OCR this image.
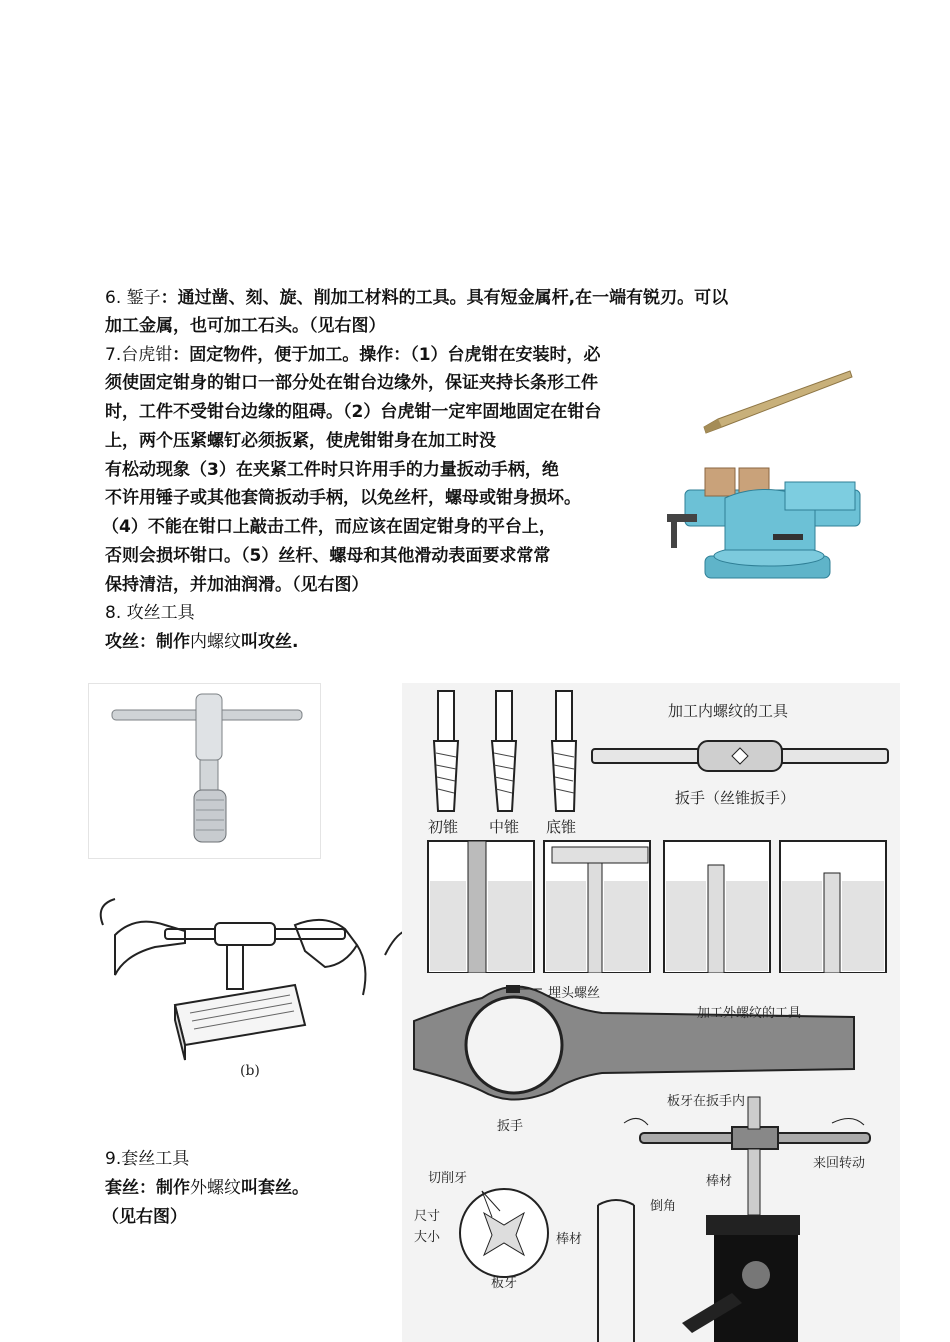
6. 錾子：通过凿、刻、旋、削加工材料的工具。具有短金属杆,在一端有锐刃。可以
加工金属，也可加工石头。（见右图）
7.台虎钳：固定物件，便于加工。操作：（1）台虎钳在安装时，必
须使固定钳身的钳口一部分处在钳台边缘外，保证夹持长条形工件
时，工件不受钳台边缘的阻碍。（2）台虎钳一定牢固地固定在钳台
上，两个压紧螺钉必须扳紧，使虎钳钳身在加工时没
有松动现象（3）在夹紧工件时只许用手的力量扳动手柄，绝
不许用锤子或其他套筒扳动手柄，以免丝杆，螺母或钳身损坏。
（4）不能在钳口上敲击工件，而应该在固定钳身的平台上，
否则会损坏钳口。（5）丝杆、螺母和其他滑动表面要求常常
保持清洁，并加油润滑。（见右图）
8. 攻丝工具
攻丝：制作内螺纹叫攻丝.
(b)
9.套丝工具
套丝：制作外螺纹叫套丝。
（见右图）
加工内螺纹的工具
初锥 中锥 底锥
扳手（丝锥扳手）
埋头螺丝
加工外螺纹的工具
扳手
板牙在扳手内
来回转动
棒材
切削牙
尺寸
大小
倒角
棒材
板牙
